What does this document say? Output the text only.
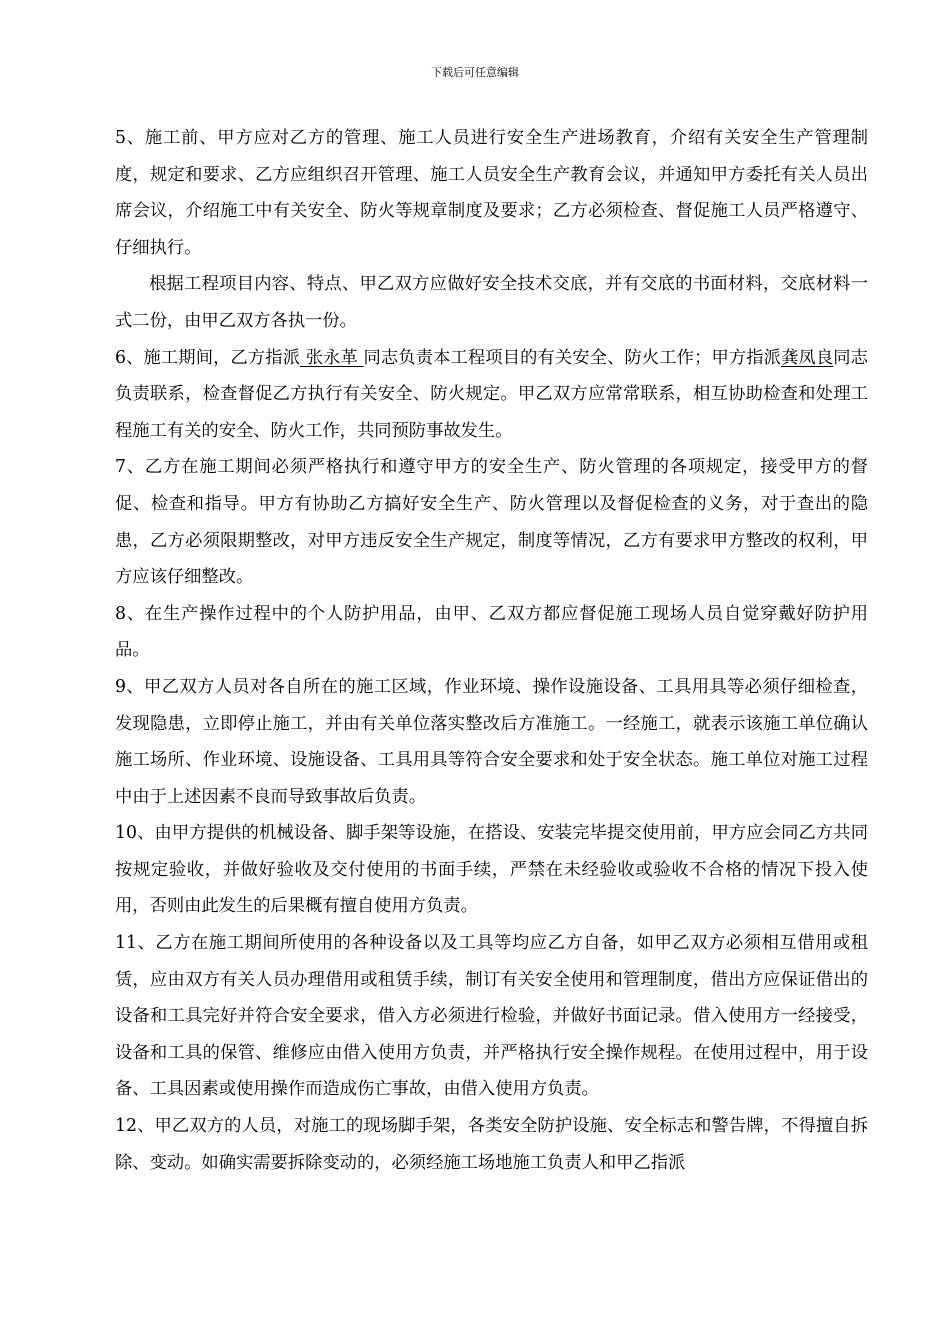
下载后可任意编辑

5、施工前、甲方应对乙方的管理、施工人员进行安全生产进场教育，介绍有关安全生产管理制度，规定和要求、乙方应组织召开管理、施工人员安全生产教育会议，并通知甲方委托有关人员出席会议，介绍施工中有关安全、防火等规章制度及要求；乙方必须检查、督促施工人员严格遵守、仔细执行。

根据工程项目内容、特点、甲乙双方应做好安全技术交底，并有交底的书面材料，交底材料一式二份，由甲乙双方各执一份。

6、施工期间，乙方指派 张永革 同志负责本工程项目的有关安全、防火工作；甲方指派龚凤良同志负责联系，检查督促乙方执行有关安全、防火规定。甲乙双方应常常联系，相互协助检查和处理工程施工有关的安全、防火工作，共同预防事故发生。

7、乙方在施工期间必须严格执行和遵守甲方的安全生产、防火管理的各项规定，接受甲方的督促、检查和指导。甲方有协助乙方搞好安全生产、防火管理以及督促检查的义务，对于查出的隐患，乙方必须限期整改，对甲方违反安全生产规定，制度等情况，乙方有要求甲方整改的权利，甲方应该仔细整改。

8、在生产操作过程中的个人防护用品，由甲、乙双方都应督促施工现场人员自觉穿戴好防护用品。

9、甲乙双方人员对各自所在的施工区域，作业环境、操作设施设备、工具用具等必须仔细检查，发现隐患，立即停止施工，并由有关单位落实整改后方准施工。一经施工，就表示该施工单位确认施工场所、作业环境、设施设备、工具用具等符合安全要求和处于安全状态。施工单位对施工过程中由于上述因素不良而导致事故后负责。

10、由甲方提供的机械设备、脚手架等设施，在搭设、安装完毕提交使用前，甲方应会同乙方共同按规定验收，并做好验收及交付使用的书面手续，严禁在未经验收或验收不合格的情况下投入使用，否则由此发生的后果概有擅自使用方负责。

11、乙方在施工期间所使用的各种设备以及工具等均应乙方自备，如甲乙双方必须相互借用或租赁，应由双方有关人员办理借用或租赁手续，制订有关安全使用和管理制度，借出方应保证借出的设备和工具完好并符合安全要求，借入方必须进行检验，并做好书面记录。借入使用方一经接受，设备和工具的保管、维修应由借入使用方负责，并严格执行安全操作规程。在使用过程中，用于设备、工具因素或使用操作而造成伤亡事故，由借入使用方负责。

12、甲乙双方的人员，对施工的现场脚手架，各类安全防护设施、安全标志和警告牌，不得擅自拆除、变动。如确实需要拆除变动的，必须经施工场地施工负责人和甲乙指派
